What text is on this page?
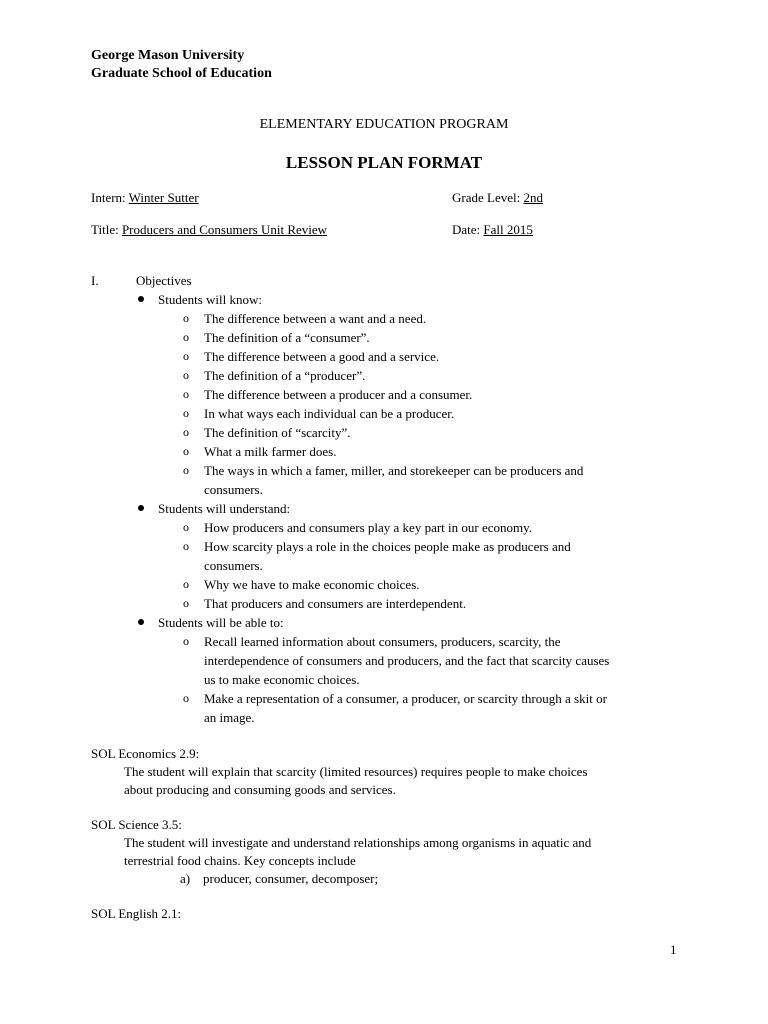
George Mason University
Graduate School of Education
ELEMENTARY EDUCATION PROGRAM
LESSON PLAN FORMAT
Intern: Winter Sutter	Grade Level: 2nd
Title: Producers and Consumers Unit Review	Date: Fall 2015
I.	Objectives
Students will know:
o The difference between a want and a need.
o The definition of a “consumer”.
o The difference between a good and a service.
o The definition of a “producer”.
o The difference between a producer and a consumer.
o In what ways each individual can be a producer.
o The definition of “scarcity”.
o What a milk farmer does.
o The ways in which a famer, miller, and storekeeper can be producers and
consumers.
Students will understand:
o How producers and consumers play a key part in our economy.
o How scarcity plays a role in the choices people make as producers and
consumers.
o Why we have to make economic choices.
o That producers and consumers are interdependent.
Students will be able to:
o Recall learned information about consumers, producers, scarcity, the
interdependence of consumers and producers, and the fact that scarcity causes
us to make economic choices.
o Make a representation of a consumer, a producer, or scarcity through a skit or
an image.
SOL Economics 2.9:
The student will explain that scarcity (limited resources) requires people to make choices
about producing and consuming goods and services.
SOL Science 3.5:
The student will investigate and understand relationships among organisms in aquatic and
terrestrial food chains. Key concepts include
a) producer, consumer, decomposer;
SOL English 2.1:
1
